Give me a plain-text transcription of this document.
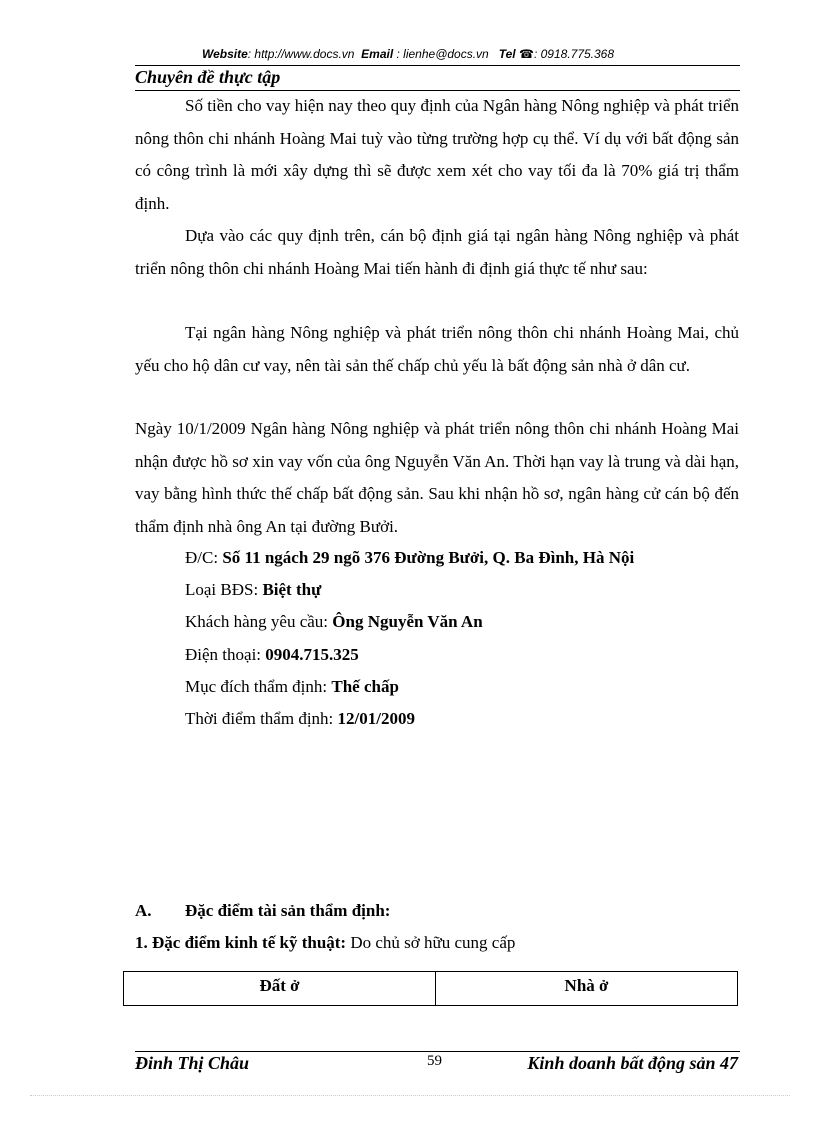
Website: http://www.docs.vn Email : lienhe@docs.vn Tel ☎: 0918.775.368
Chuyên đề thực tập

Số tiền cho vay hiện nay theo quy định của Ngân hàng Nông nghiệp và phát triển nông thôn chi nhánh Hoàng Mai tuỳ vào từng trường hợp cụ thể. Ví dụ với bất động sản có công trình là mới xây dựng thì sẽ được xem xét cho vay tối đa là 70% giá trị thẩm định.

Dựa vào các quy định trên, cán bộ định giá tại ngân hàng Nông nghiệp và phát triển nông thôn chi nhánh Hoàng Mai tiến hành đi định giá thực tế như sau:

Tại ngân hàng Nông nghiệp và phát triển nông thôn chi nhánh Hoàng Mai, chủ yếu cho hộ dân cư vay, nên tài sản thế chấp chủ yếu là bất động sản nhà ở dân cư.

Ngày 10/1/2009 Ngân hàng Nông nghiệp và phát triển nông thôn chi nhánh Hoàng Mai nhận được hồ sơ xin vay vốn của ông Nguyễn Văn An. Thời hạn vay là trung và dài hạn, vay bằng hình thức thế chấp bất động sản. Sau khi nhận hồ sơ, ngân hàng cử cán bộ đến thẩm định nhà ông An tại đường Bưởi.

Đ/C: Số 11 ngách 29 ngõ 376 Đường Bưởi, Q. Ba Đình, Hà Nội
Loại BĐS: Biệt thự
Khách hàng yêu cầu: Ông Nguyễn Văn An
Điện thoại: 0904.715.325
Mục đích thẩm định: Thế chấp
Thời điểm thẩm định: 12/01/2009
A. Đặc điểm tài sản thẩm định:
1. Đặc điểm kinh tế kỹ thuật: Do chủ sở hữu cung cấp
Đất ở	Nhà ở
Đinh Thị Châu	59	Kinh doanh bất động sản 47
